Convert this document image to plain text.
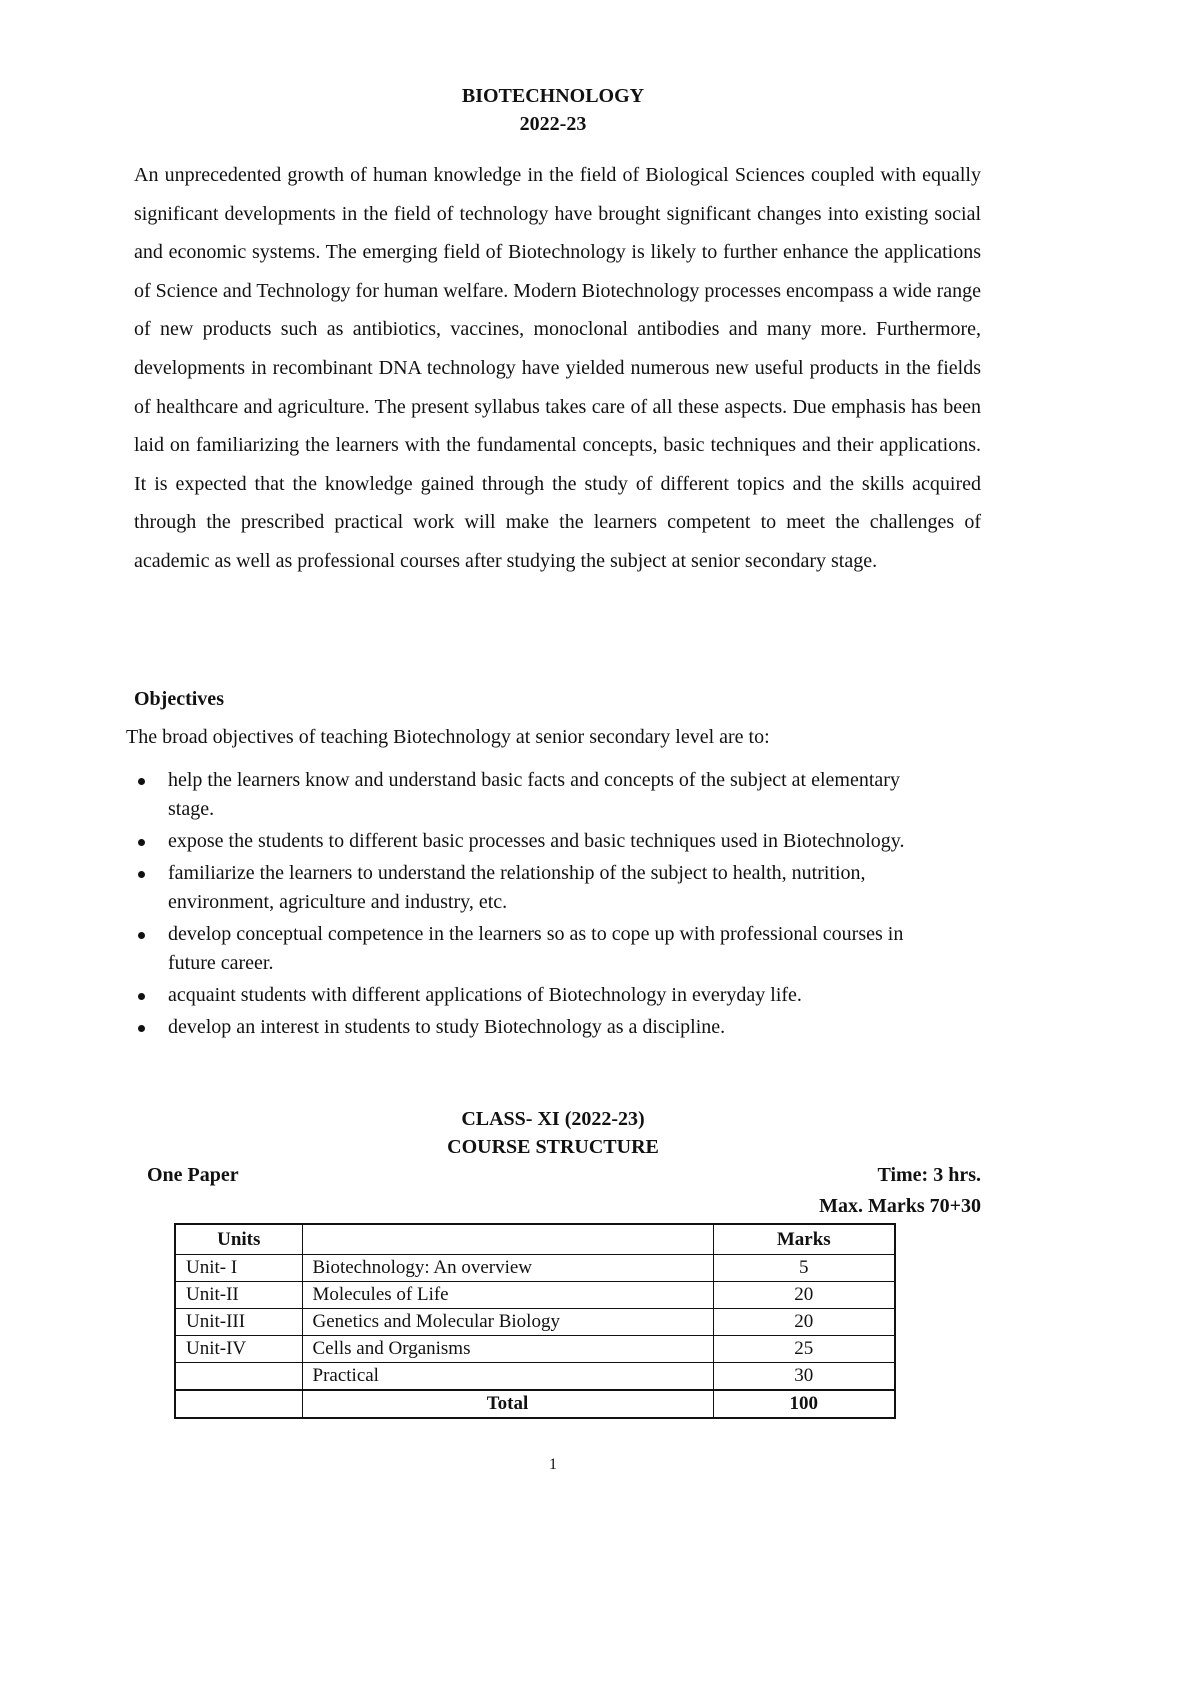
BIOTECHNOLOGY
2022-23

An unprecedented growth of human knowledge in the field of Biological Sciences coupled with equally significant developments in the field of technology have brought significant changes into existing social and economic systems. The emerging field of Biotechnology is likely to further enhance the applications of Science and Technology for human welfare. Modern Biotechnology processes encompass a wide range of new products such as antibiotics, vaccines, monoclonal antibodies and many more. Furthermore, developments in recombinant DNA technology have yielded numerous new useful products in the fields of healthcare and agriculture. The present syllabus takes care of all these aspects. Due emphasis has been laid on familiarizing the learners with the fundamental concepts, basic techniques and their applications. It is expected that the knowledge gained through the study of different topics and the skills acquired through the prescribed practical work will make the learners competent to meet the challenges of academic as well as professional courses after studying the subject at senior secondary stage.

Objectives
The broad objectives of teaching Biotechnology at senior secondary level are to:
help the learners know and understand basic facts and concepts of the subject at elementary stage.
expose the students to different basic processes and basic techniques used in Biotechnology.
familiarize the learners to understand the relationship of the subject to health, nutrition, environment, agriculture and industry, etc.
develop conceptual competence in the learners so as to cope up with professional courses in future career.
acquaint students with different applications of Biotechnology in everyday life.
develop an interest in students to study Biotechnology as a discipline.
CLASS- XI (2022-23)
COURSE STRUCTURE
One Paper	Time: 3 hrs.
Max. Marks 70+30
Units		Marks
Unit- I	Biotechnology: An overview	5
Unit-II	Molecules of Life	20
Unit-III	Genetics and Molecular Biology	20
Unit-IV	Cells and Organisms	25
	Practical	30
	Total	100
1
